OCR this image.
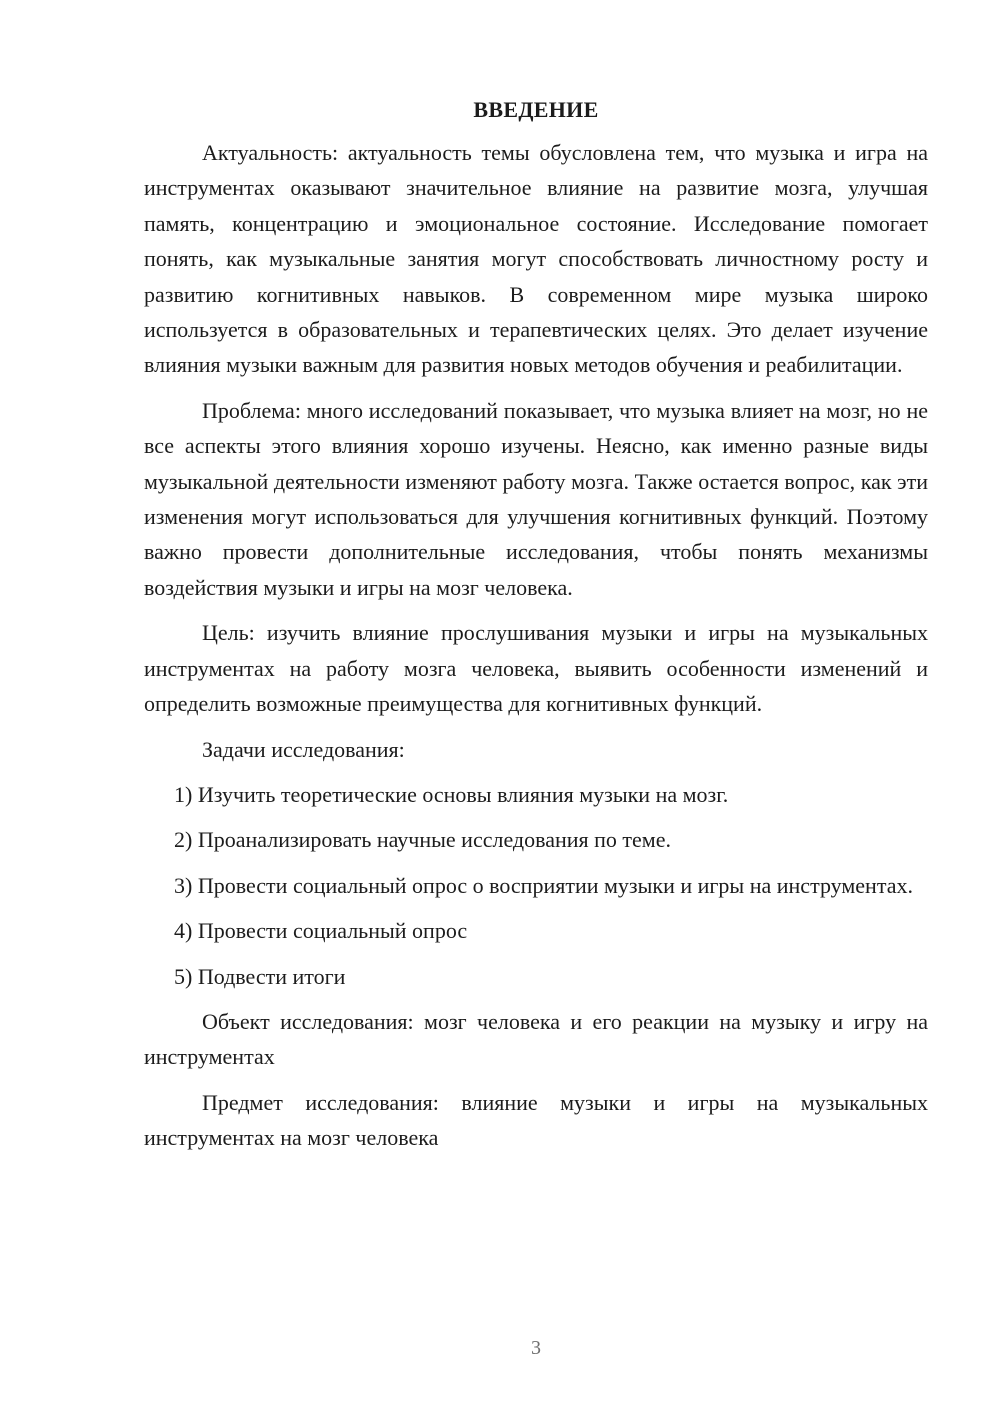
ВВЕДЕНИЕ

Актуальность: актуальность темы обусловлена тем, что музыка и игра на инструментах оказывают значительное влияние на развитие мозга, улучшая память, концентрацию и эмоциональное состояние. Исследование помогает понять, как музыкальные занятия могут способствовать личностному росту и развитию когнитивных навыков. В современном мире музыка широко используется в образовательных и терапевтических целях. Это делает изучение влияния музыки важным для развития новых методов обучения и реабилитации.

Проблема: много исследований показывает, что музыка влияет на мозг, но не все аспекты этого влияния хорошо изучены. Неясно, как именно разные виды музыкальной деятельности изменяют работу мозга. Также остается вопрос, как эти изменения могут использоваться для улучшения когнитивных функций. Поэтому важно провести дополнительные исследования, чтобы понять механизмы воздействия музыки и игры на мозг человека.

Цель: изучить влияние прослушивания музыки и игры на музыкальных инструментах на работу мозга человека, выявить особенности изменений и определить возможные преимущества для когнитивных функций.

Задачи исследования:

1) Изучить теоретические основы влияния музыки на мозг.

2) Проанализировать научные исследования по теме.

3) Провести социальный опрос о восприятии музыки и игры на инструментах.

4) Провести социальный опрос

5) Подвести итоги

Объект исследования: мозг человека и его реакции на музыку и игру на инструментах

Предмет исследования: влияние музыки и игры на музыкальных инструментах на мозг человека

3
